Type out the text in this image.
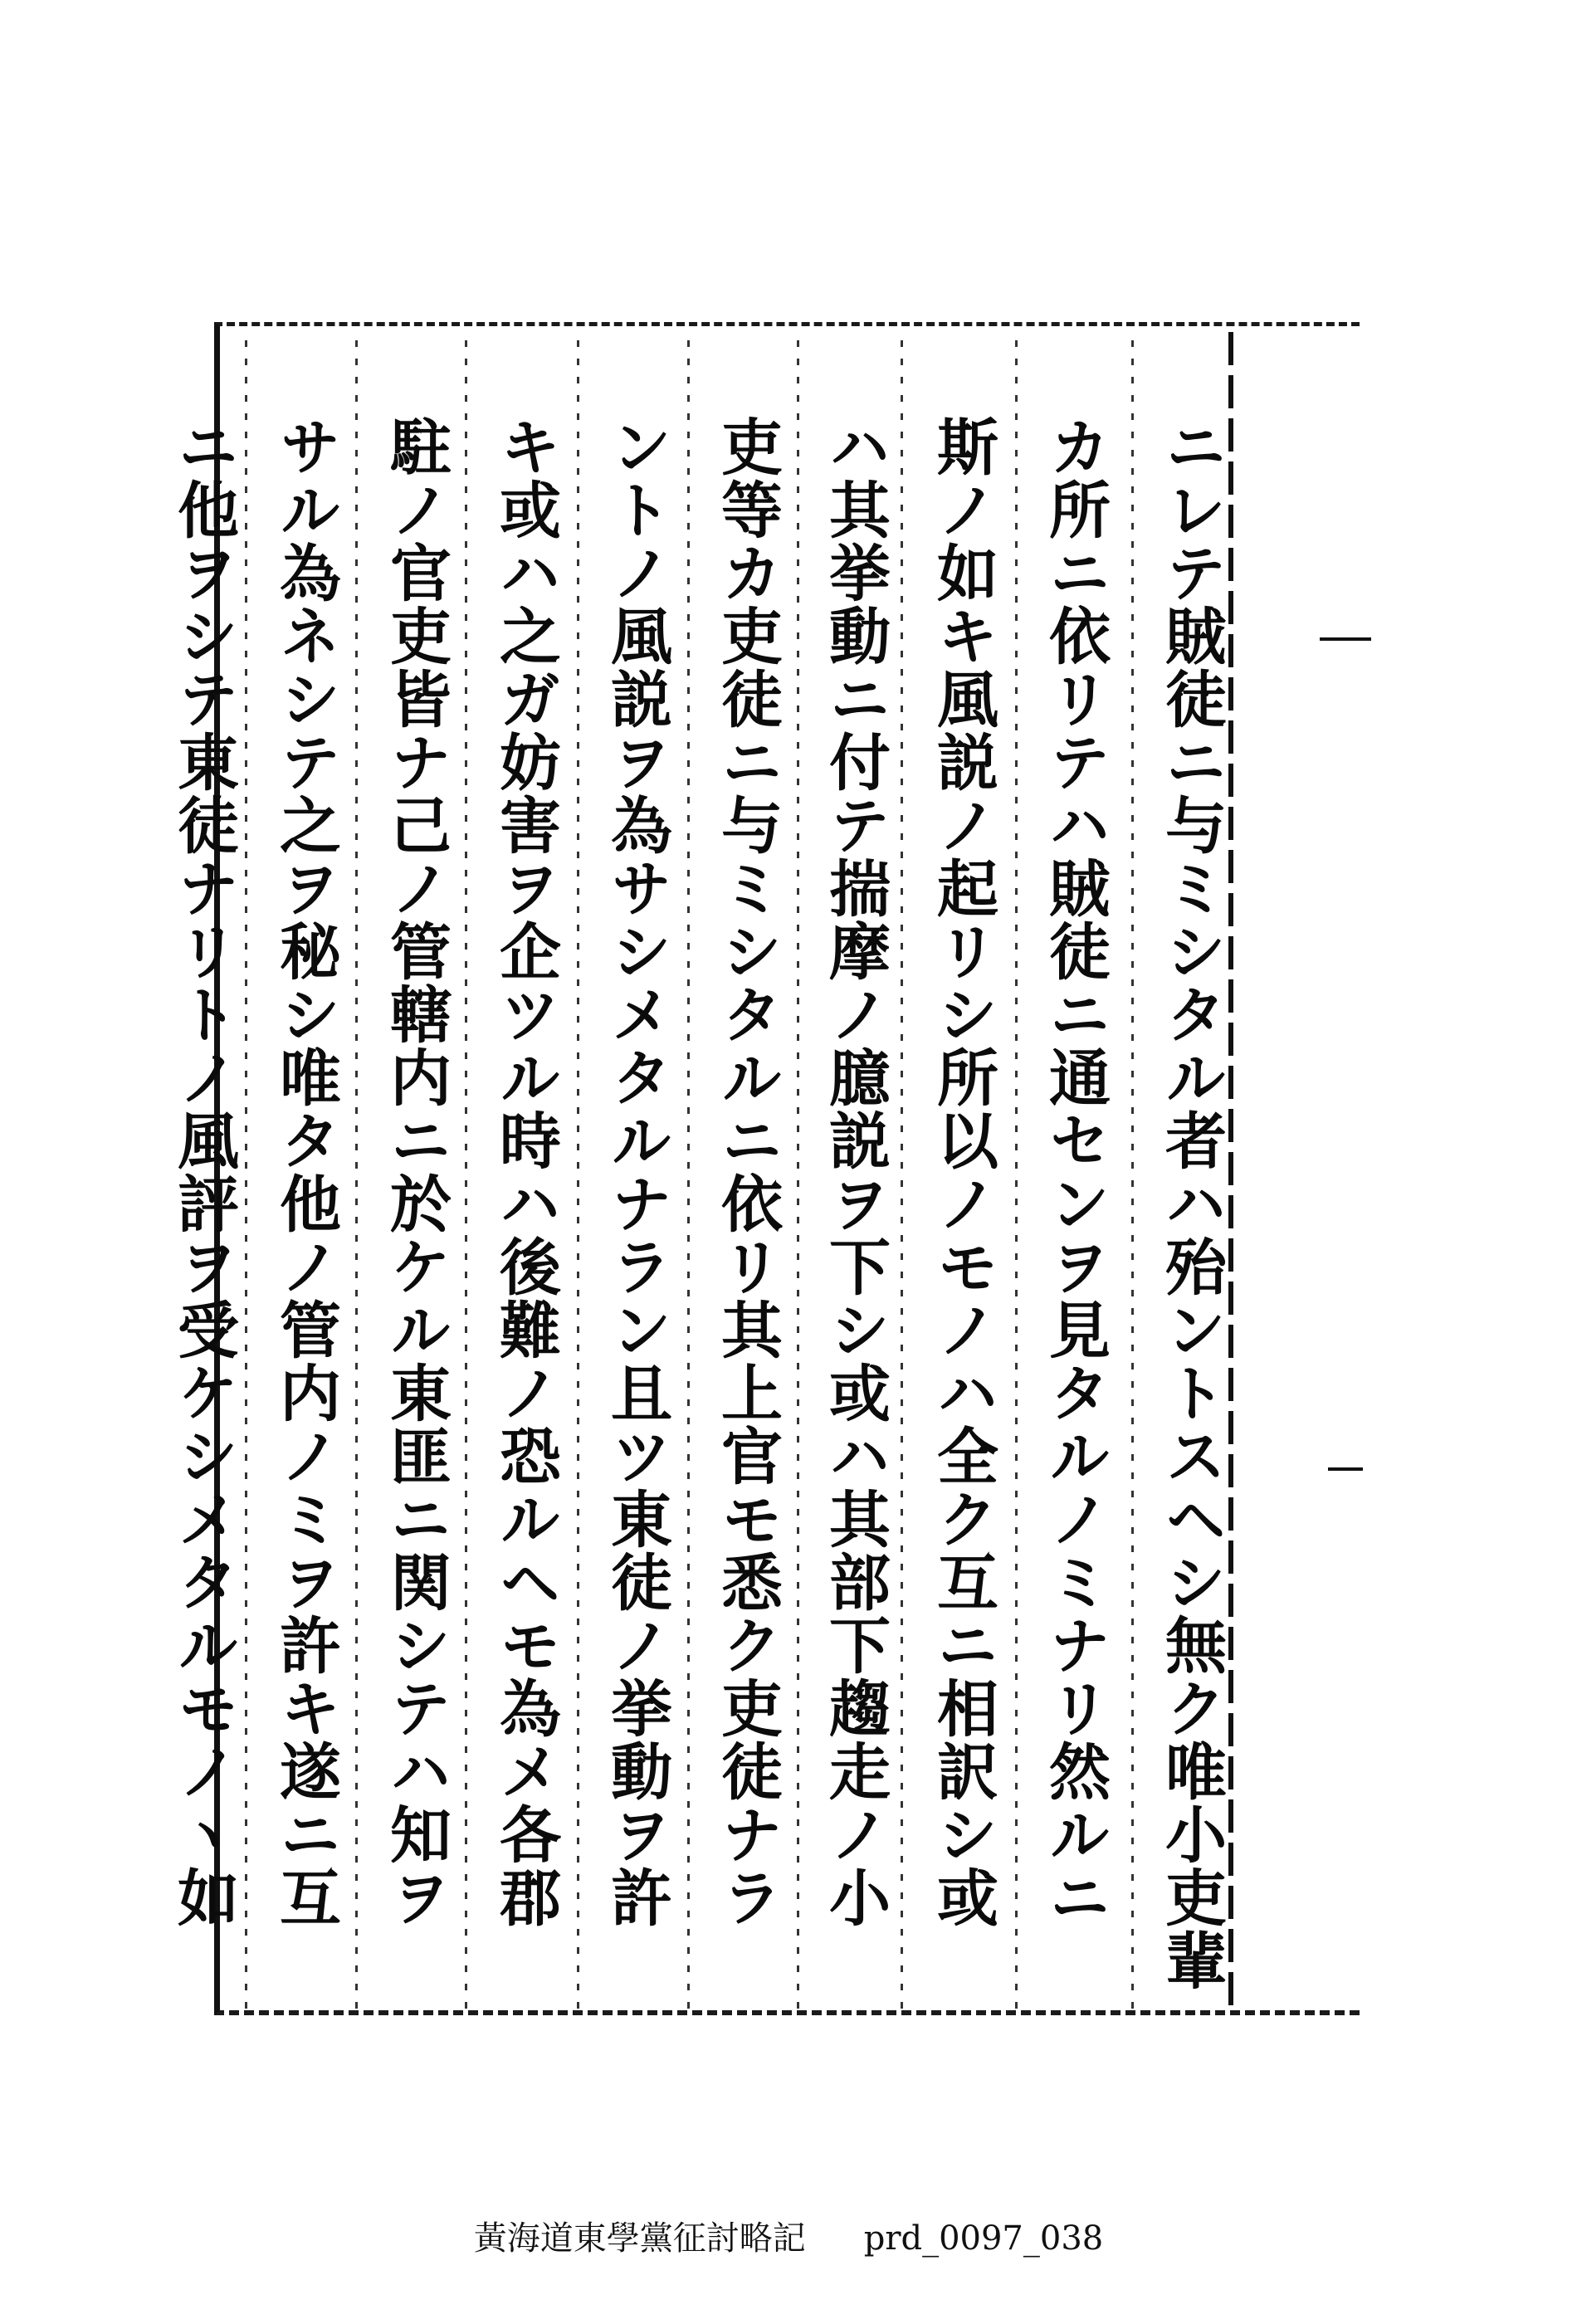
ニレテ賊徒ニ与ミシタル者ハ殆ントスヘシ無ク唯小吏輩
カ所ニ依リテハ賊徒ニ通センヲ見タルノミナリ然ルニ
斯ノ如キ風説ノ起リシ所以ノモノハ全ク互ニ相訳シ或
ハ其挙動ニ付テ揣摩ノ臆説ヲ下シ或ハ其部下趨走ノ小
吏等カ吏徒ニ与ミシタルニ依リ其上官モ悉ク吏徒ナラ
ントノ風説ヲ為サシメタルナラン且ツ東徒ノ挙動ヲ許
キ或ハ之ガ妨害ヲ企ツル時ハ後難ノ恐ルヘモ為メ各郡
駐ノ官吏皆ナ己ノ管轄内ニ於ケル東匪ニ関シテハ知ヲ
サル為ネシテ之ヲ秘シ唯タ他ノ管内ノミヲ許キ遂ニ互
ニ他ヲシテ東徒ナリトノ風評ヲ受ケシメタルモノヽ如
黃海道東學黨征討略記 prd_0097_038
